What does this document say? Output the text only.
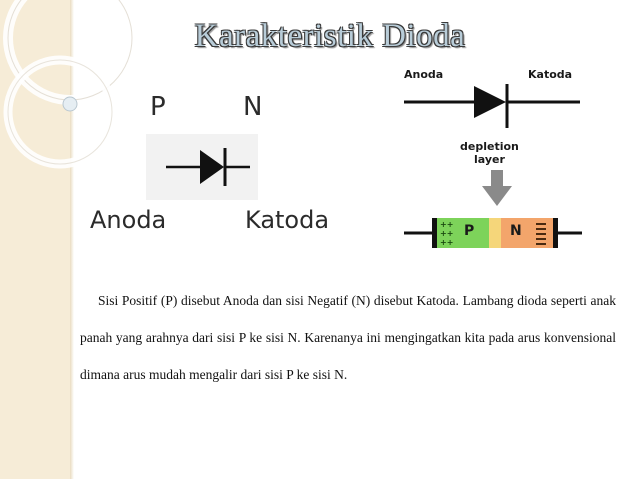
Karakteristik Dioda
P	N
Anoda	Katoda
Anoda	Katoda
depletion
layer
++
++
++
P	N

Sisi Positif (P) disebut Anoda dan sisi Negatif (N) disebut Katoda. Lambang dioda seperti anak panah yang arahnya dari sisi P ke sisi N. Karenanya ini mengingatkan kita pada arus konvensional dimana arus mudah mengalir dari sisi P ke sisi N.
